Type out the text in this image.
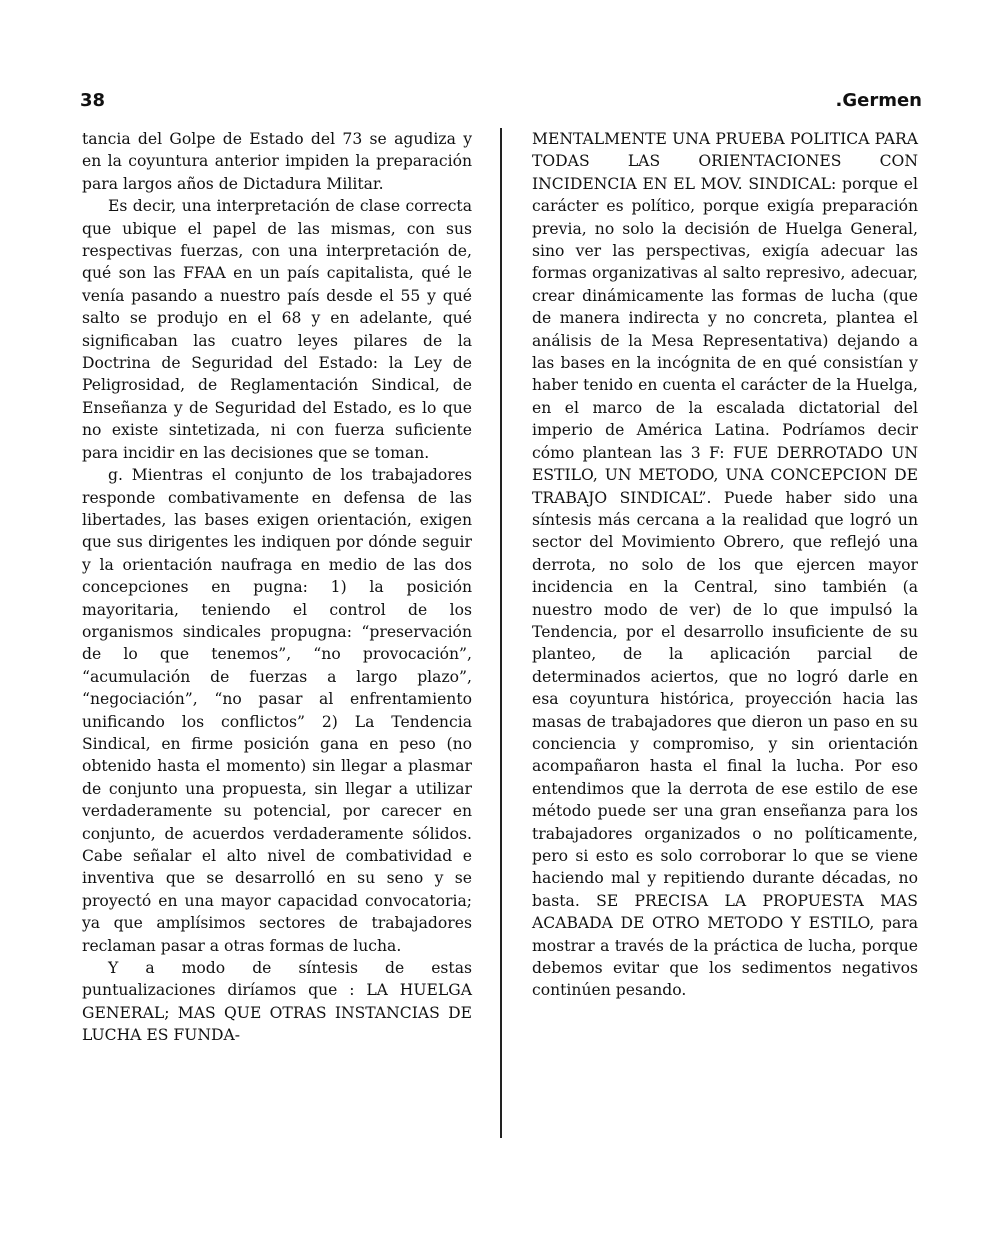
38	.Germen

tancia del Golpe de Estado del 73 se agudiza y en la coyuntura anterior impiden la preparación para largos años de Dictadura Militar.

Es decir, una interpretación de clase correcta que ubique el papel de las mismas, con sus respectivas fuerzas, con una interpretación de, qué son las FFAA en un país capitalista, qué le venía pasando a nuestro país desde el 55 y qué salto se produjo en el 68 y en adelante, qué significaban las cuatro leyes pilares de la Doctrina de Seguridad del Estado: la Ley de Peligrosidad, de Reglamentación Sindical, de Enseñanza y de Seguridad del Estado, es lo que no existe sintetizada, ni con fuerza suficiente para incidir en las decisiones que se toman.

g. Mientras el conjunto de los trabajadores responde combativamente en defensa de las libertades, las bases exigen orientación, exigen que sus dirigentes les indiquen por dónde seguir y la orientación naufraga en medio de las dos concepciones en pugna: 1) la posición mayoritaria, teniendo el control de los organismos sindicales propugna: “preservación de lo que tenemos”, “no provocación”, “acumulación de fuerzas a largo plazo”, “negociación”, “no pasar al enfrentamiento unificando los conflictos” 2) La Tendencia Sindical, en firme posición gana en peso (no obtenido hasta el momento) sin llegar a plasmar de conjunto una propuesta, sin llegar a utilizar verdaderamente su potencial, por carecer en conjunto, de acuerdos verdaderamente sólidos. Cabe señalar el alto nivel de combatividad e inventiva que se desarrolló en su seno y se proyectó en una mayor capacidad convocatoria; ya que amplísimos sectores de trabajadores reclaman pasar a otras formas de lucha.

Y a modo de síntesis de estas puntualizaciones diríamos que : LA HUELGA GENERAL; MAS QUE OTRAS INSTANCIAS DE LUCHA ES FUNDA-

MENTALMENTE UNA PRUEBA POLITICA PARA TODAS LAS ORIENTACIONES CON INCIDENCIA EN EL MOV. SINDICAL: porque el carácter es político, porque exigía preparación previa, no solo la decisión de Huelga General, sino ver las perspectivas, exigía adecuar las formas organizativas al salto represivo, adecuar, crear dinámicamente las formas de lucha (que de manera indirecta y no concreta, plantea el análisis de la Mesa Representativa) dejando a las bases en la incógnita de en qué consistían y haber tenido en cuenta el carácter de la Huelga, en el marco de la escalada dictatorial del imperio de América Latina. Podríamos decir cómo plantean las 3 F: FUE DERROTADO UN ESTILO, UN METODO, UNA CONCEPCION DE TRABAJO SINDICAL”. Puede haber sido una síntesis más cercana a la realidad que logró un sector del Movimiento Obrero, que reflejó una derrota, no solo de los que ejercen mayor incidencia en la Central, sino también (a nuestro modo de ver) de lo que impulsó la Tendencia, por el desarrollo insuficiente de su planteo, de la aplicación parcial de determinados aciertos, que no logró darle en esa coyuntura histórica, proyección hacia las masas de trabajadores que dieron un paso en su conciencia y compromiso, y sin orientación acompañaron hasta el final la lucha. Por eso entendimos que la derrota de ese estilo de ese método puede ser una gran enseñanza para los trabajadores organizados o no políticamente, pero si esto es solo corroborar lo que se viene haciendo mal y repitiendo durante décadas, no basta. SE PRECISA LA PROPUESTA MAS ACABADA DE OTRO METODO Y ESTILO, para mostrar a través de la práctica de lucha, porque debemos evitar que los sedimentos negativos continúen pesando.
